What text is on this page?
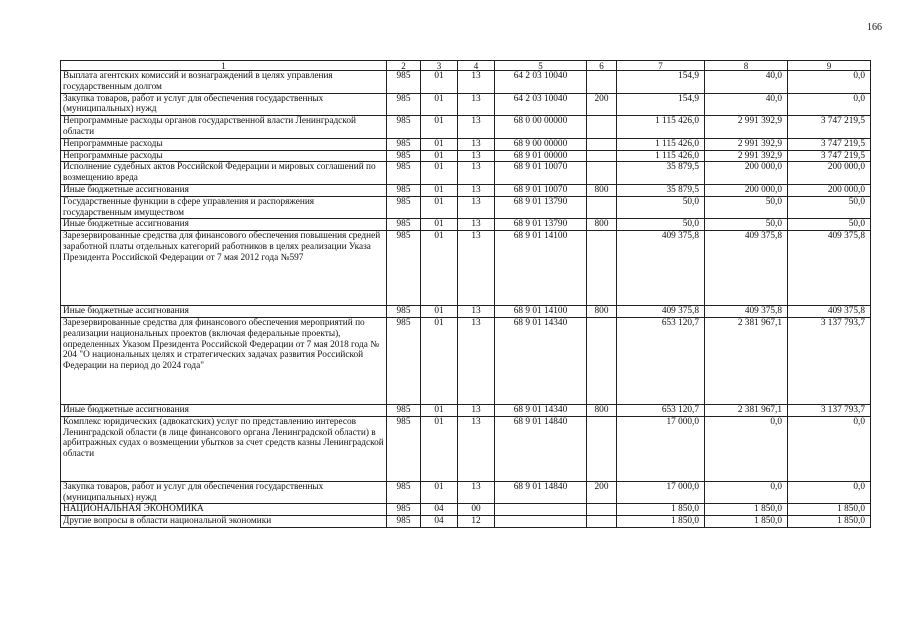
166
1	2	3	4	5	6	7	8	9
Выплата агентских комиссий и вознаграждений в целях управления государственным долгом	985	01	13	64 2 03 10040		154,9	40,0	0,0
Закупка товаров, работ и услуг для обеспечения государственных (муниципальных) нужд	985	01	13	64 2 03 10040	200	154,9	40,0	0,0
Непрограммные расходы органов государственной власти Ленинградской области	985	01	13	68 0 00 00000		1 115 426,0	2 991 392,9	3 747 219,5
Непрограммные расходы	985	01	13	68 9 00 00000		1 115 426,0	2 991 392,9	3 747 219,5
Непрограммные расходы	985	01	13	68 9 01 00000		1 115 426,0	2 991 392,9	3 747 219,5
Исполнение судебных актов Российской Федерации и мировых соглашений по возмещению вреда	985	01	13	68 9 01 10070		35 879,5	200 000,0	200 000,0
Иные бюджетные ассигнования	985	01	13	68 9 01 10070	800	35 879,5	200 000,0	200 000,0
Государственные функции в сфере управления и распоряжения государственным имуществом	985	01	13	68 9 01 13790		50,0	50,0	50,0
Иные бюджетные ассигнования	985	01	13	68 9 01 13790	800	50,0	50,0	50,0
Зарезервированные средства для финансового обеспечения повышения средней заработной платы отдельных категорий работников в целях реализации Указа Президента Российской Федерации от 7 мая 2012 года №597	985	01	13	68 9 01 14100		409 375,8	409 375,8	409 375,8
Иные бюджетные ассигнования	985	01	13	68 9 01 14100	800	409 375,8	409 375,8	409 375,8
Зарезервированные средства для финансового обеспечения мероприятий по реализации национальных проектов (включая федеральные проекты), определенных Указом Президента Российской Федерации от 7 мая 2018 года № 204 "О национальных целях и стратегических задачах развития Российской Федерации на период до 2024 года"	985	01	13	68 9 01 14340		653 120,7	2 381 967,1	3 137 793,7
Иные бюджетные ассигнования	985	01	13	68 9 01 14340	800	653 120,7	2 381 967,1	3 137 793,7
Комплекс юридических (адвокатских) услуг по представлению интересов Ленинградской области (в лице финансового органа Ленинградской области) в арбитражных судах о возмещении убытков за счет средств казны Ленинградской области	985	01	13	68 9 01 14840		17 000,0	0,0	0,0
Закупка товаров, работ и услуг для обеспечения государственных (муниципальных) нужд	985	01	13	68 9 01 14840	200	17 000,0	0,0	0,0
НАЦИОНАЛЬНАЯ ЭКОНОМИКА	985	04	00			1 850,0	1 850,0	1 850,0
Другие вопросы в области национальной экономики	985	04	12			1 850,0	1 850,0	1 850,0
